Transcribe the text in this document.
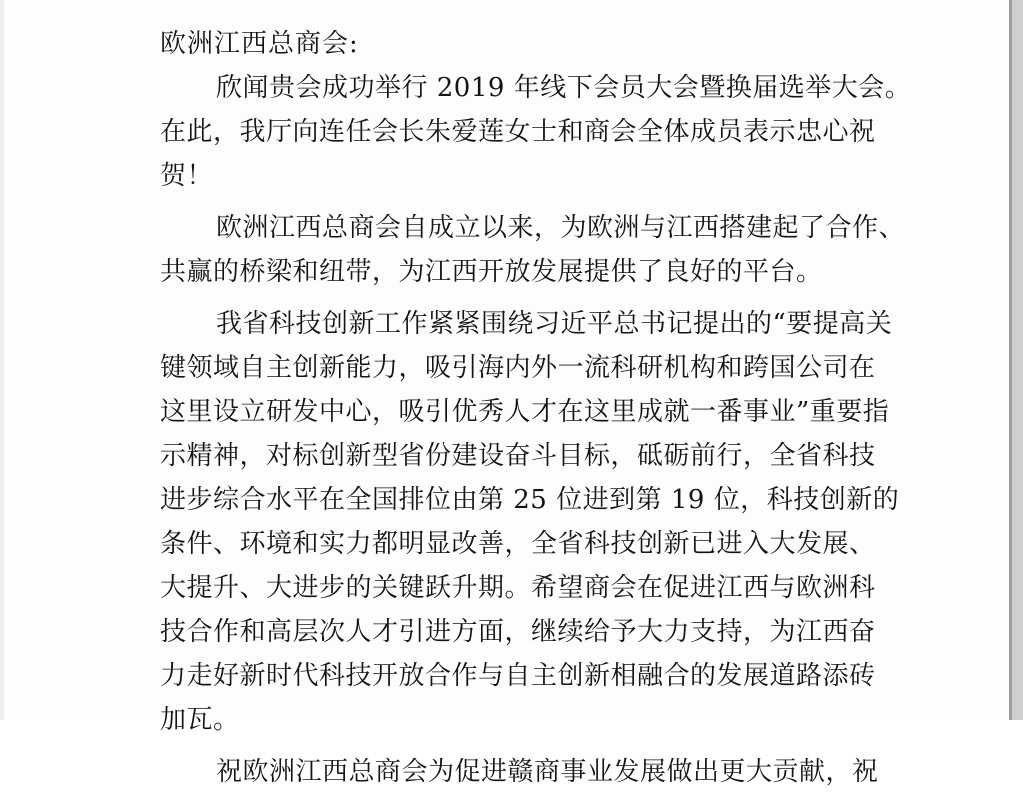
欧洲江西总商会:
欣闻贵会成功举行 2019 年线下会员大会暨换届选举大会。
在此，我厅向连任会长朱爱莲女士和商会全体成员表示忠心祝
贺！
欧洲江西总商会自成立以来，为欧洲与江西搭建起了合作、
共赢的桥梁和纽带，为江西开放发展提供了良好的平台。
我省科技创新工作紧紧围绕习近平总书记提出的“要提高关
键领域自主创新能力，吸引海内外一流科研机构和跨国公司在
这里设立研发中心，吸引优秀人才在这里成就一番事业”重要指
示精神，对标创新型省份建设奋斗目标，砥砺前行，全省科技
进步综合水平在全国排位由第 25 位进到第 19 位，科技创新的
条件、环境和实力都明显改善，全省科技创新已进入大发展、
大提升、大进步的关键跃升期。希望商会在促进江西与欧洲科
技合作和高层次人才引进方面，继续给予大力支持，为江西奋
力走好新时代科技开放合作与自主创新相融合的发展道路添砖
加瓦。
祝欧洲江西总商会为促进赣商事业发展做出更大贡献，祝
